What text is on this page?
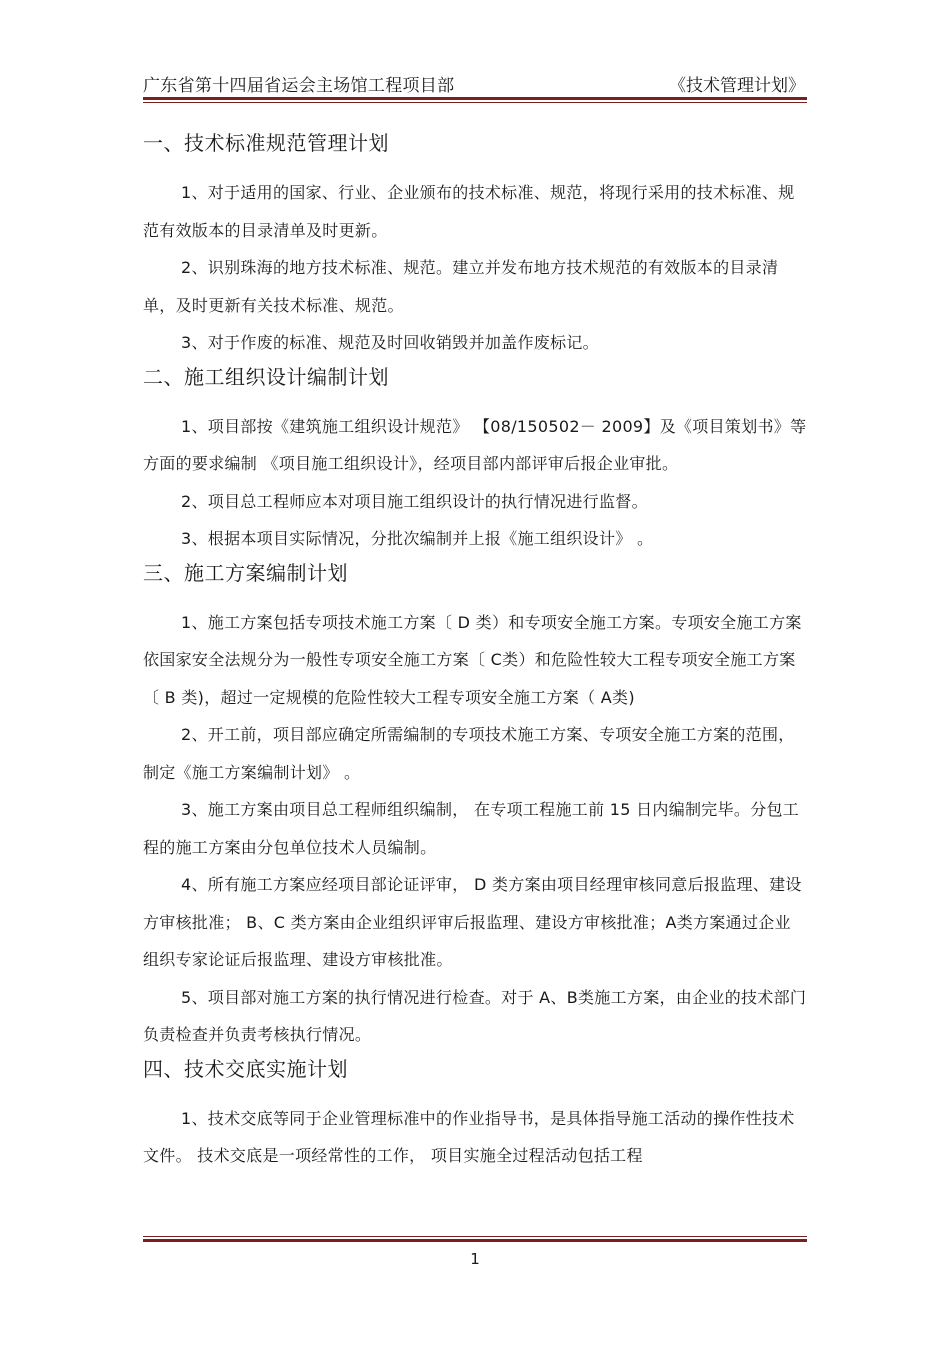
广东省第十四届省运会主场馆工程项目部	《技术管理计划》
一、技术标准规范管理计划

1、对于适用的国家、行业、企业颁布的技术标准、规范，将现行采用的技术标准、规范有效版本的目录清单及时更新。

2、识别珠海的地方技术标准、规范。建立并发布地方技术规范的有效版本的目录清单，及时更新有关技术标准、规范。

3、对于作废的标准、规范及时回收销毁并加盖作废标记。

二、施工组织设计编制计划

1、项目部按《建筑施工组织设计规范》 【08/150502－ 2009】及《项目策划书》等方面的要求编制 《项目施工组织设计》，经项目部内部评审后报企业审批。

2、项目总工程师应本对项目施工组织设计的执行情况进行监督。

3、根据本项目实际情况，分批次编制并上报《施工组织设计》 。

三、施工方案编制计划

1、施工方案包括专项技术施工方案〔 D 类）和专项安全施工方案。专项安全施工方案依国家安全法规分为一般性专项安全施工方案〔 C类）和危险性较大工程专项安全施工方案〔 B 类)，超过一定规模的危险性较大工程专项安全施工方案（ A类)

2、开工前，项目部应确定所需编制的专项技术施工方案、专项安全施工方案的范围，制定《施工方案编制计划》 。

3、施工方案由项目总工程师组织编制， 在专项工程施工前 15 日内编制完毕。分包工程的施工方案由分包单位技术人员编制。

4、所有施工方案应经项目部论证评审， D 类方案由项目经理审核同意后报监理、建设方审核批准； B、C 类方案由企业组织评审后报监理、建设方审核批准；A类方案通过企业组织专家论证后报监理、建设方审核批准。

5、项目部对施工方案的执行情况进行检查。对于 A、B类施工方案，由企业的技术部门负责检查并负责考核执行情况。

四、技术交底实施计划

1、技术交底等同于企业管理标准中的作业指导书，是具体指导施工活动的操作性技术文件。 技术交底是一项经常性的工作， 项目实施全过程活动包括工程

1
